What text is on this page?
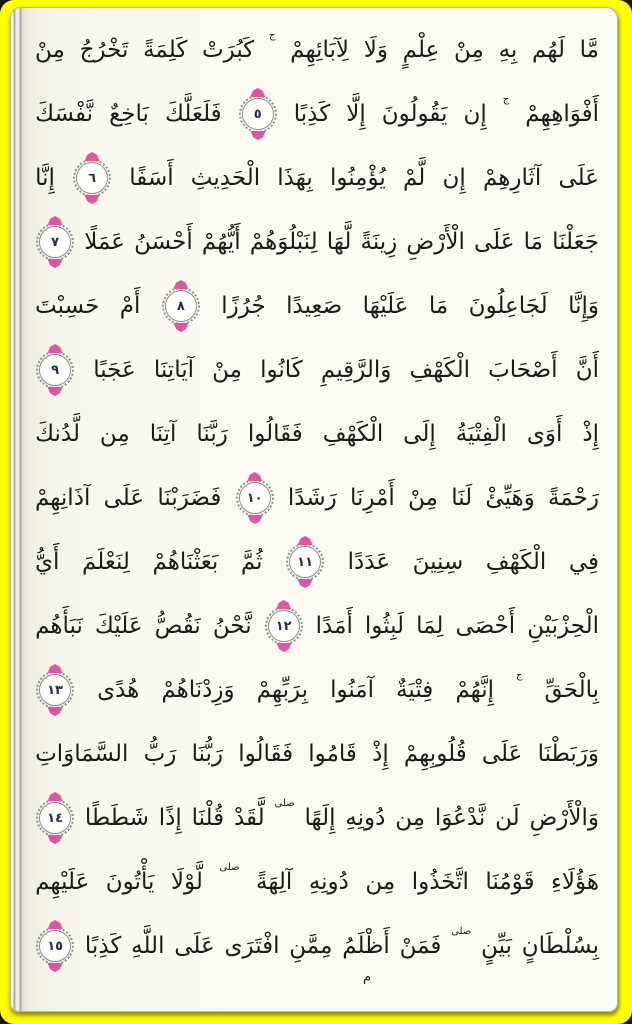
مَّا
لَهُم
بِهِ
مِنْ
عِلْمٍ
وَلَا
لِآبَائِهِمْ
ج
كَبُرَتْ
كَلِمَةً
تَخْرُجُ
مِنْ
أَفْوَاهِهِمْ
ج
إِن
يَقُولُونَ
إِلَّا
كَذِبًا
٥
فَلَعَلَّكَ
بَاخِعٌ
نَّفْسَكَ
عَلَى
آثَارِهِمْ
إِن
لَّمْ
يُؤْمِنُوا
بِهَذَا
الْحَدِيثِ
أَسَفًا
٦
إِنَّا
جَعَلْنَا
مَا
عَلَى
الْأَرْضِ
زِينَةً
لَّهَا
لِنَبْلُوَهُمْ
أَيُّهُمْ
أَحْسَنُ
عَمَلًا
٧
وَإِنَّا
لَجَاعِلُونَ
مَا
عَلَيْهَا
صَعِيدًا
جُرُزًا
٨
أَمْ
حَسِبْتَ
أَنَّ
أَصْحَابَ
الْكَهْفِ
وَالرَّقِيمِ
كَانُوا
مِنْ
آيَاتِنَا
عَجَبًا
٩
إِذْ
أَوَى
الْفِتْيَةُ
إِلَى
الْكَهْفِ
فَقَالُوا
رَبَّنَا
آتِنَا
مِن
لَّدُنكَ
رَحْمَةً
وَهَيِّئْ
لَنَا
مِنْ
أَمْرِنَا
رَشَدًا
١٠
فَضَرَبْنَا
عَلَى
آذَانِهِمْ
فِي
الْكَهْفِ
سِنِينَ
عَدَدًا
١١
ثُمَّ
بَعَثْنَاهُمْ
لِنَعْلَمَ
أَيُّ
الْحِزْبَيْنِ
أَحْصَى
لِمَا
لَبِثُوا
أَمَدًا
١٢
نَّحْنُ
نَقُصُّ
عَلَيْكَ
نَبَأَهُم
بِالْحَقِّ
ج
إِنَّهُمْ
فِتْيَةٌ
آمَنُوا
بِرَبِّهِمْ
وَزِدْنَاهُمْ
هُدًى
١٣
وَرَبَطْنَا
عَلَى
قُلُوبِهِمْ
إِذْ
قَامُوا
فَقَالُوا
رَبُّنَا
رَبُّ
السَّمَاوَاتِ
وَالْأَرْضِ
لَن
نَّدْعُوَا
مِن
دُونِهِ
إِلَهًا
صلى
لَّقَدْ
قُلْنَا
إِذًا
شَطَطًا
١٤
هَؤُلَاءِ
قَوْمُنَا
اتَّخَذُوا
مِن
دُونِهِ
آلِهَةً
صلى
لَّوْلَا
يَأْتُونَ
عَلَيْهِم
بِسُلْطَانٍ
بَيِّنٍ
صلى
فَمَنْ
أَظْلَمُ
مِمَّنِ
افْتَرَى
عَلَى
اللَّهِ
كَذِبًا
١٥
م
